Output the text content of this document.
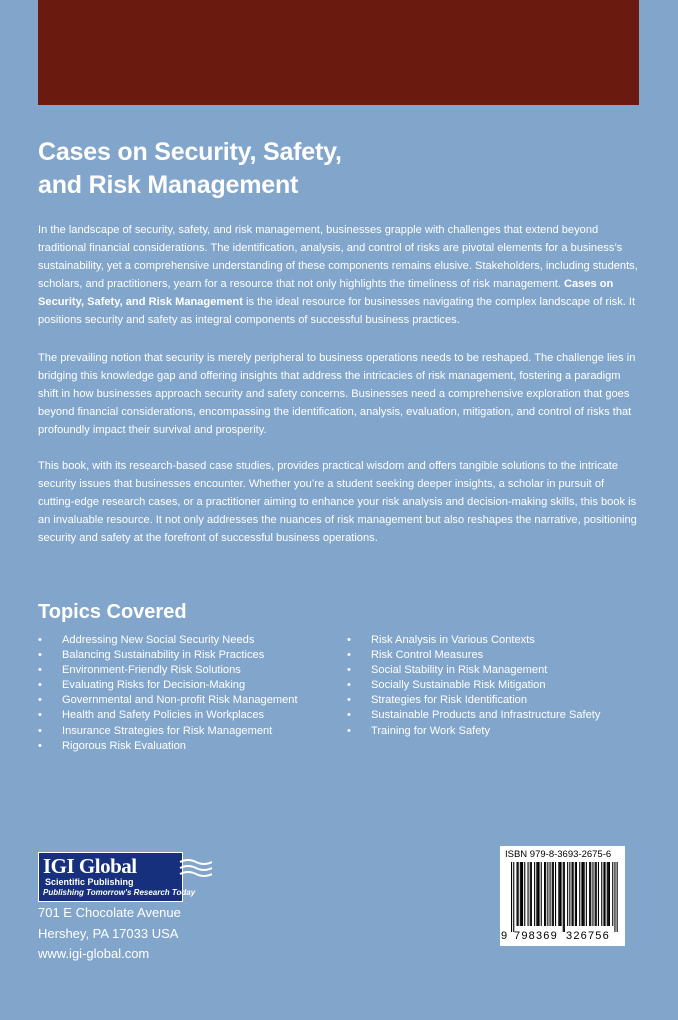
Cases on Security, Safety,
and Risk Management

In the landscape of security, safety, and risk management, businesses grapple with challenges that extend beyond traditional financial considerations. The identification, analysis, and control of risks are pivotal elements for a business’s sustainability, yet a comprehensive understanding of these components remains elusive. Stakeholders, including students, scholars, and practitioners, yearn for a resource that not only highlights the timeliness of risk management. Cases on Security, Safety, and Risk Management is the ideal resource for businesses navigating the complex landscape of risk. It positions security and safety as integral components of successful business practices.

The prevailing notion that security is merely peripheral to business operations needs to be reshaped. The challenge lies in bridging this knowledge gap and offering insights that address the intricacies of risk management, fostering a paradigm shift in how businesses approach security and safety concerns. Businesses need a comprehensive exploration that goes beyond financial considerations, encompassing the identification, analysis, evaluation, mitigation, and control of risks that profoundly impact their survival and prosperity.

This book, with its research-based case studies, provides practical wisdom and offers tangible solutions to the intricate security issues that businesses encounter. Whether you’re a student seeking deeper insights, a scholar in pursuit of cutting-edge research cases, or a practitioner aiming to enhance your risk analysis and decision-making skills, this book is an invaluable resource. It not only addresses the nuances of risk management but also reshapes the narrative, positioning security and safety at the forefront of successful business operations.

Topics Covered
• Addressing New Social Security Needs
• Balancing Sustainability in Risk Practices
• Environment-Friendly Risk Solutions
• Evaluating Risks for Decision-Making
• Governmental and Non-profit Risk Management
• Health and Safety Policies in Workplaces
• Insurance Strategies for Risk Management
• Rigorous Risk Evaluation
• Risk Analysis in Various Contexts
• Risk Control Measures
• Social Stability in Risk Management
• Socially Sustainable Risk Mitigation
• Strategies for Risk Identification
• Sustainable Products and Infrastructure Safety
• Training for Work Safety
IGI Global
Scientific Publishing
Publishing Tomorrow’s Research Today
701 E Chocolate Avenue
Hershey, PA 17033 USA
www.igi-global.com
ISBN 979-8-3693-2675-6
9 798369 326756
